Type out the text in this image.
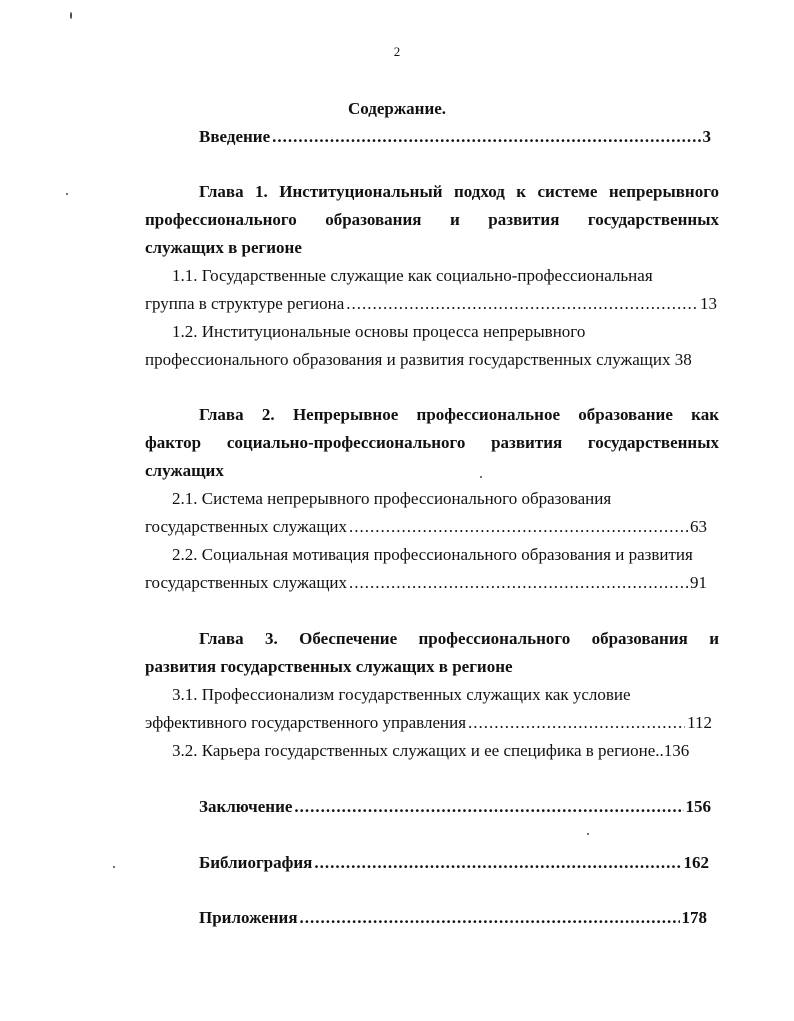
2
Содержание.
Введение .....	3
Глава 1. Институциональный подход к системе непрерывного
профессионального образования и развития государственных
служащих в регионе
1.1. Государственные служащие как социально-профессиональная
группа в структуре региона .....	13
1.2. Институциональные основы процесса непрерывного
профессионального образования и развития государственных служащих 38
Глава 2. Непрерывное профессиональное образование как
фактор социально-профессионального развития государственных
служащих
2.1. Система непрерывного профессионального образования
государственных служащих .....	63
2.2. Социальная мотивация профессионального образования и развития
государственных служащих .....	91
Глава 3. Обеспечение профессионального образования и
развития государственных служащих в регионе
3.1. Профессионализм государственных служащих как условие
эффективного государственного управления .....	112
3.2. Карьера государственных служащих и ее специфика в регионе..136
Заключение .....	156
Библиография .....	162
Приложения .....	178
